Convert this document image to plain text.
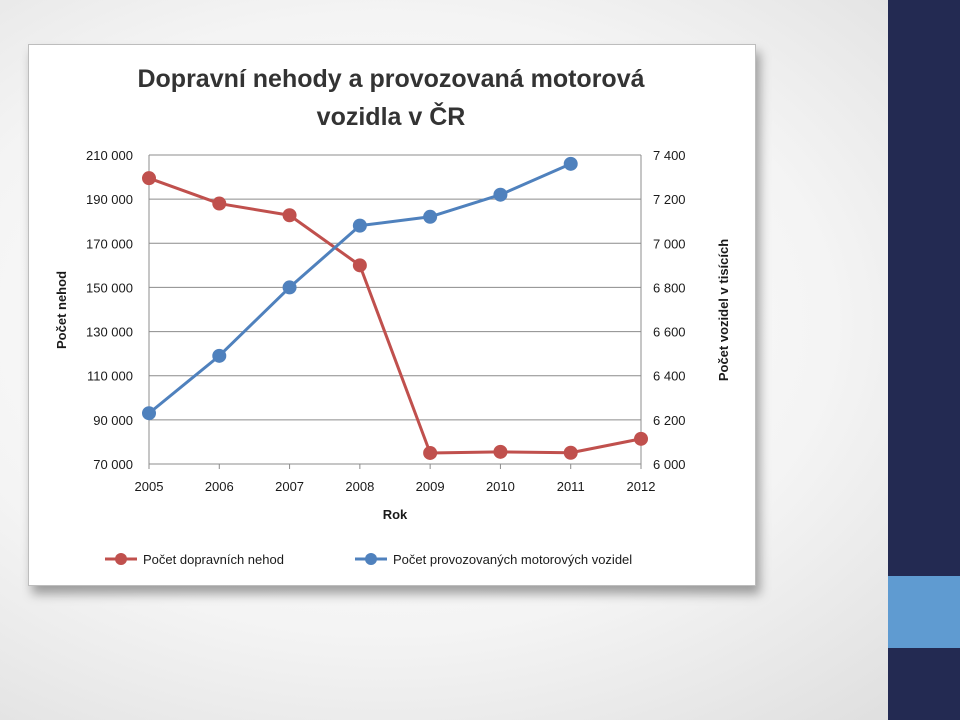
Dopravní nehody a provozovaná motorová
vozidla v ČR
70 000
90 000
110 000
130 000
150 000
170 000
190 000
210 000
6 000
6 200
6 400
6 600
6 800
7 000
7 200
7 400
2005	2006	2007	2008	2009	2010	2011	2012
Rok
Počet nehod	Počet vozidel v tisících
Počet dopravních nehod	Počet provozovaných motorových vozidel
